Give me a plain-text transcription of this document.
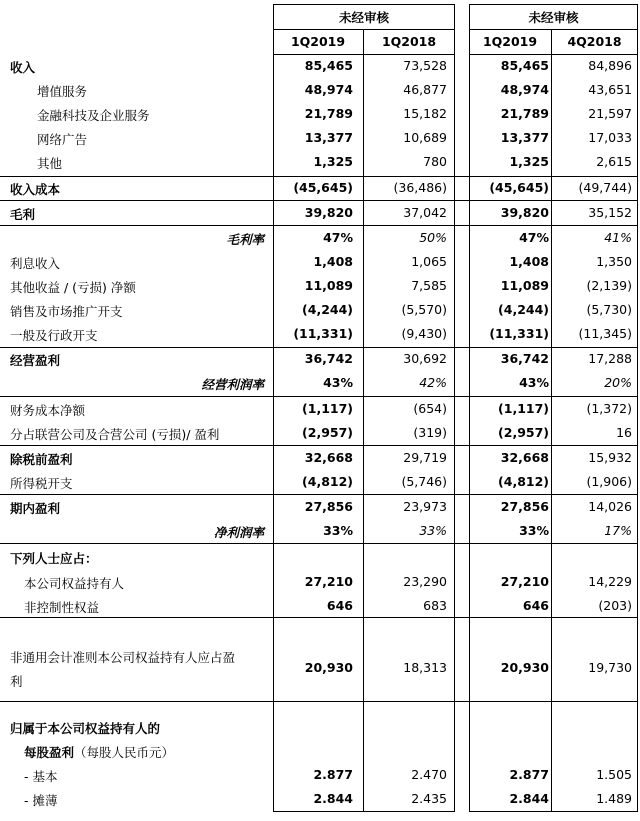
未经审核	未经审核
1Q2019	1Q2018	1Q2019	4Q2018
收入	85,465	73,528	85,465	84,896
增值服务	48,974	46,877	48,974	43,651
金融科技及企业服务	21,789	15,182	21,789	21,597
网络广告	13,377	10,689	13,377	17,033
其他	1,325	780	1,325	2,615
收入成本	(45,645)	(36,486)	(45,645) (49,744)
毛利	39,820	37,042	39,820	35,152
毛利率	47%	50%	47%	41%
利息收入	1,408	1,065	1,408	1,350
其他收益 / (亏损) 净额	11,089	7,585	11,089	(2,139)
销售及市场推广开支	(4,244)	(5,570)	(4,244)	(5,730)
一般及行政开支	(11,331)	(9,430)	(11,331) (11,345)
经营盈利	36,742	30,692	36,742	17,288
经营利润率	43%	42%	43%	20%
财务成本净额	(1,117)	(654)	(1,117)	(1,372)
分占联营公司及合营公司 (亏损)/ 盈利	(2,957)	(319)	(2,957)	16
除税前盈利	32,668	29,719	32,668	15,932
所得税开支	(4,812)	(5,746)	(4,812)	(1,906)
期内盈利	27,856	23,973	27,856	14,026
净利润率	33%	33%	33%	17%
下列人士应占：
本公司权益持有人	27,210	23,290	27,210	14,229
非控制性权益	646	683	646	(203)
非通用会计准则本公司权益持有人应占盈
利
20,930	18,313	20,930	19,730
归属于本公司权益持有人的
每股盈利（每股人民币元）
- 基本	2.877	2.470	2.877	1.505
- 摊薄	2.844	2.435	2.844	1.489
